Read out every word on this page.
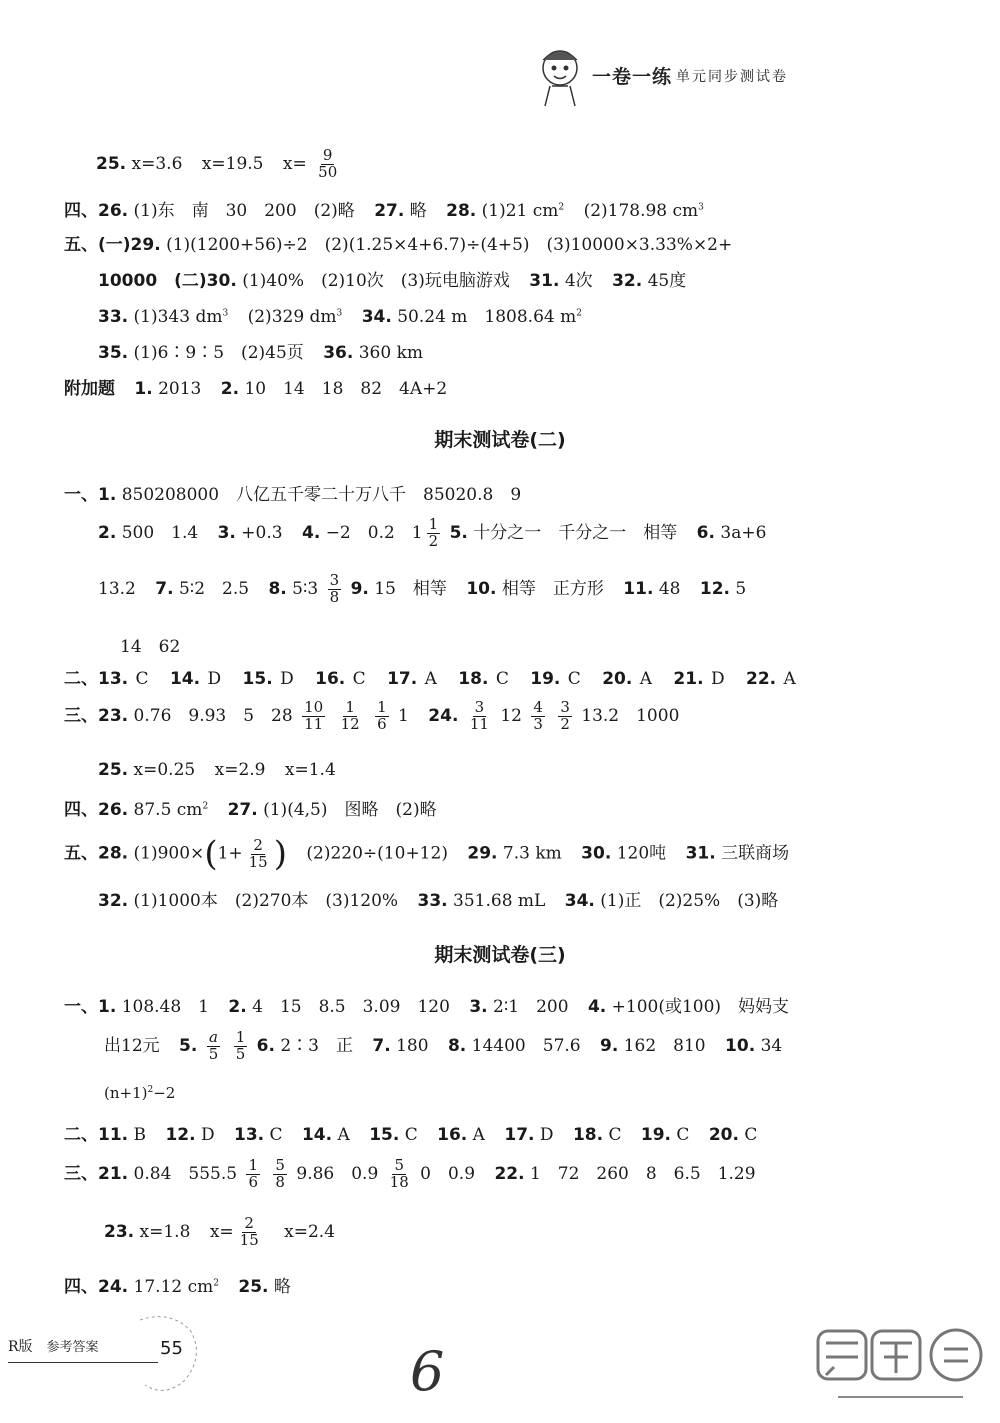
一卷一练 单元同步测试卷
25. x=3.6 x=19.5 $x= \frac{9}{50}$
四、26. (1)东　南　30　200　(2)略 27. 略 28. (1)21 $cm^2$ (2)178.98 $cm^3$
五、(一)29. (1)(1200+56)÷2　(2)(1.25×4+6.7)÷(4+5)　(3)10000×3.33%×2+
10000　(二)30. (1)40%　(2)10次　(3)玩电脑游戏 31. 4次 32. 45度
33. (1)343 $dm^3$ (2)329 $dm^3$ 34. 50.24 m　1808.64 $m^2$
35. (1)6∶9∶5　(2)45页 36. 360 km
附加题 1. 2013 2. 10　14　18　82　4A+2
期末测试卷(二)
一、1. 850208000　八亿五千零二十万八千　85020.8　9
2. 500　1.4 3. +0.3 4. −2　0.2　$1 \frac{1}{2} 5$. 十分之一　千分之一　相等 6. 3a+6
13.2 7. 5∶2　2.5 8. 5∶3 $\frac{3}{8} 9$. 15　相等 10. 相等　正方形 11. 48 12. 5
14　62
二、13. C 14. D 15. D 16. C 17. A 18. C 19. C 20. A 21. D 22. A
三、23. 0.76　9.93　5　$28 \frac{10}{11}$
$\frac{1}{12}$
$\frac{1}{6} 1$ 24. $\frac{3}{11} 12 \frac{4}{3}$
$\frac{3}{2} 13.2$　1000
25. x=0.25 x=2.9 x=1.4
四、26. 87.5 $cm^2$ 27. (1)(4,5)　图略　(2)略
五、28. $(1)900\times(1+ \frac{2}{15}$ ) (2)220÷(10+12) 29. 7.3 km 30. 120吨 31. 三联商场
32. (1)1000本　(2)270本　(3)120% 33. 351.68 mL 34. (1)正　(2)25%　(3)略
期末测试卷(三)
一、1. 108.48　1 2. 4　15　8.5　3.09　120 3. 2∶1　200 4. +100(或100)　妈妈支
出12元 5. $\frac{a}{5}$
$\frac{1}{5} 6$. 2∶3　正 7. 180 8. 14400　57.6 9. 162　810 10. 34
$(n+1)^2-2$
二、11. B 12. D 13. C 14. A 15. C 16. A 17. D 18. C 19. C 20. C
三、21. 0.84　$555.5 \frac{1}{6}$
$\frac{5}{8} 9.86$　$0.9 \frac{5}{18} 0$　0.9 22. 1　72　260　8　6.5　1.29
23. x=1.8 $x= \frac{2}{15} x=2.4$
四、24. 17.12 $cm^2$ 25. 略
R版　 参考答案	55	6
